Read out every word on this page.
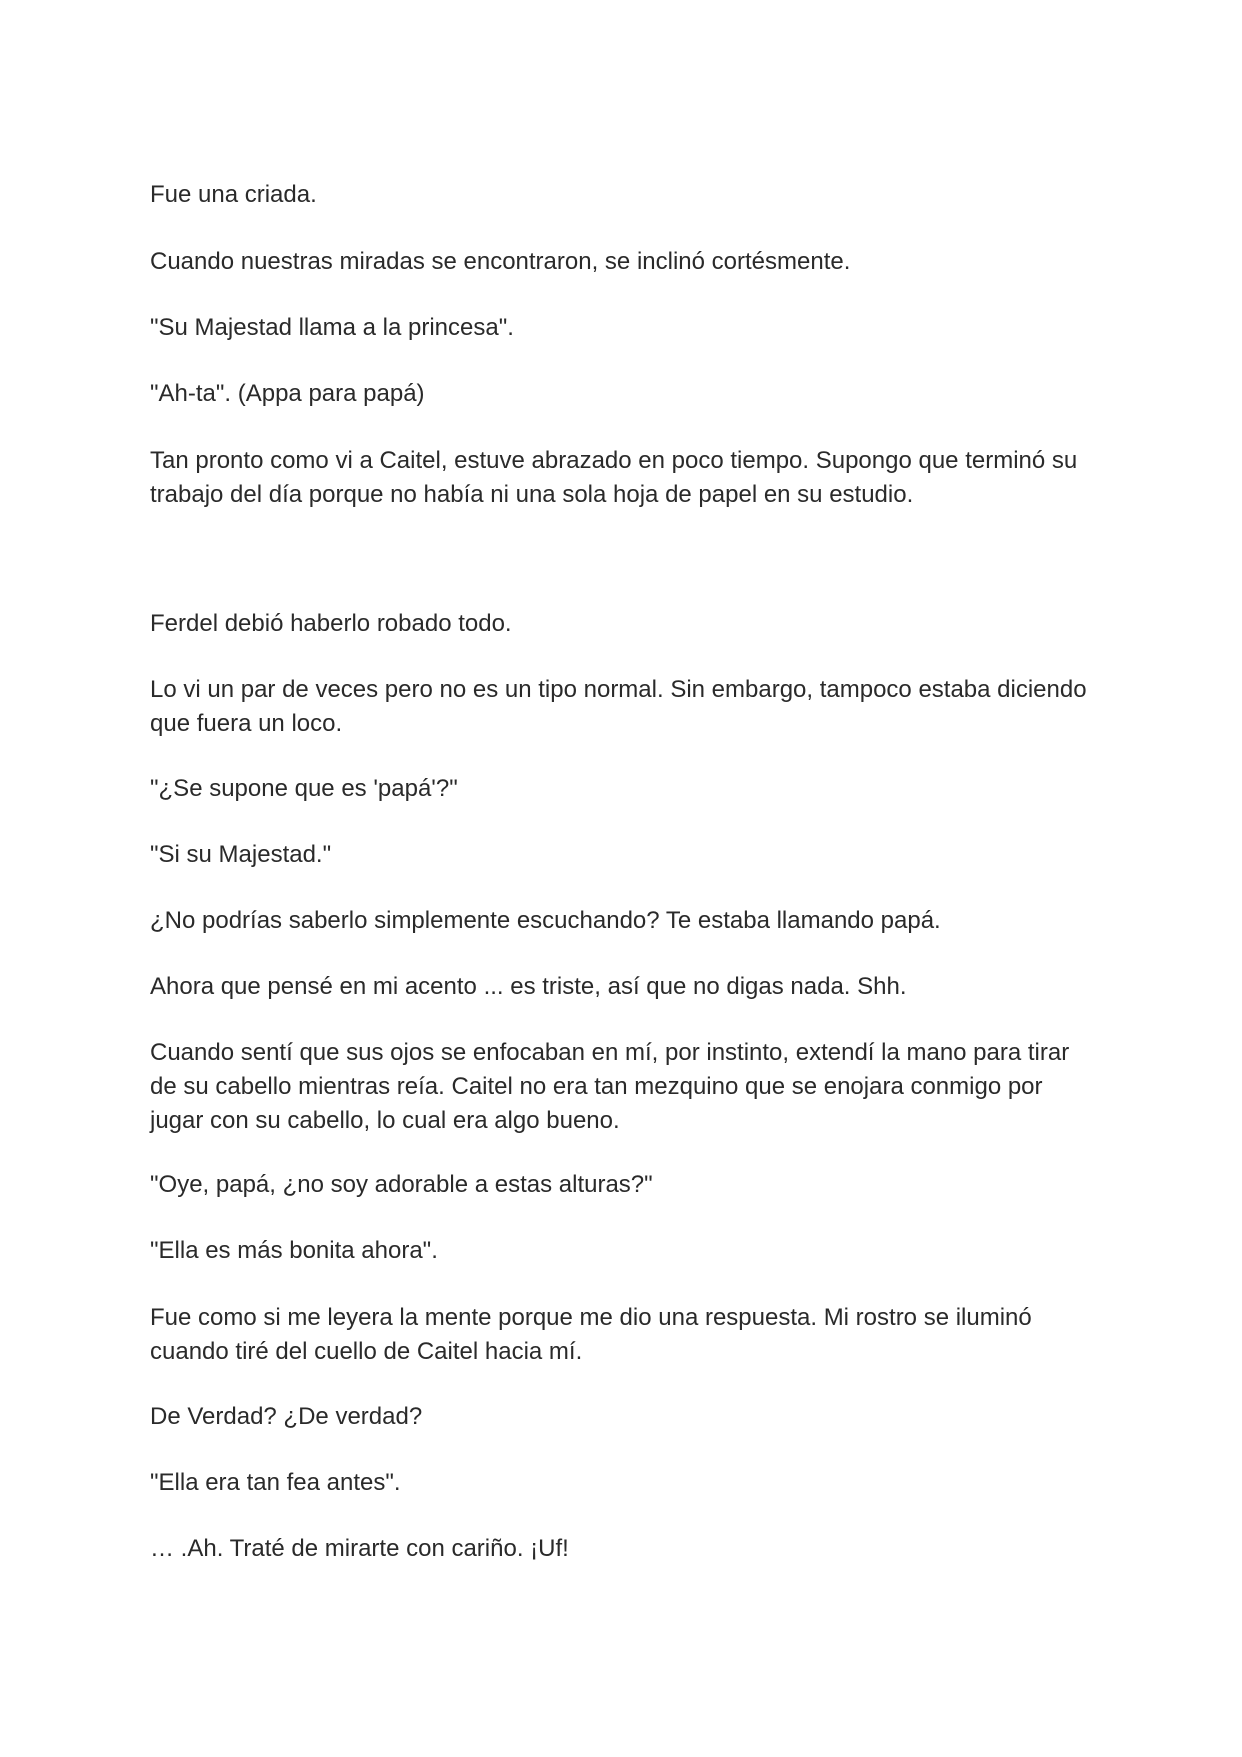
Fue una criada.

Cuando nuestras miradas se encontraron, se inclinó cortésmente.

"Su Majestad llama a la princesa".

"Ah-ta". (Appa para papá)

Tan pronto como vi a Caitel, estuve abrazado en poco tiempo. Supongo que terminó su trabajo del día porque no había ni una sola hoja de papel en su estudio.

Ferdel debió haberlo robado todo.

Lo vi un par de veces pero no es un tipo normal. Sin embargo, tampoco estaba diciendo que fuera un loco.

"¿Se supone que es 'papá'?"

"Si su Majestad."

¿No podrías saberlo simplemente escuchando? Te estaba llamando papá.

Ahora que pensé en mi acento ... es triste, así que no digas nada. Shh.

Cuando sentí que sus ojos se enfocaban en mí, por instinto, extendí la mano para tirar de su cabello mientras reía. Caitel no era tan mezquino que se enojara conmigo por jugar con su cabello, lo cual era algo bueno.

"Oye, papá, ¿no soy adorable a estas alturas?"

"Ella es más bonita ahora".

Fue como si me leyera la mente porque me dio una respuesta. Mi rostro se iluminó cuando tiré del cuello de Caitel hacia mí.

De Verdad? ¿De verdad?

"Ella era tan fea antes".

… .Ah. Traté de mirarte con cariño. ¡Uf!
